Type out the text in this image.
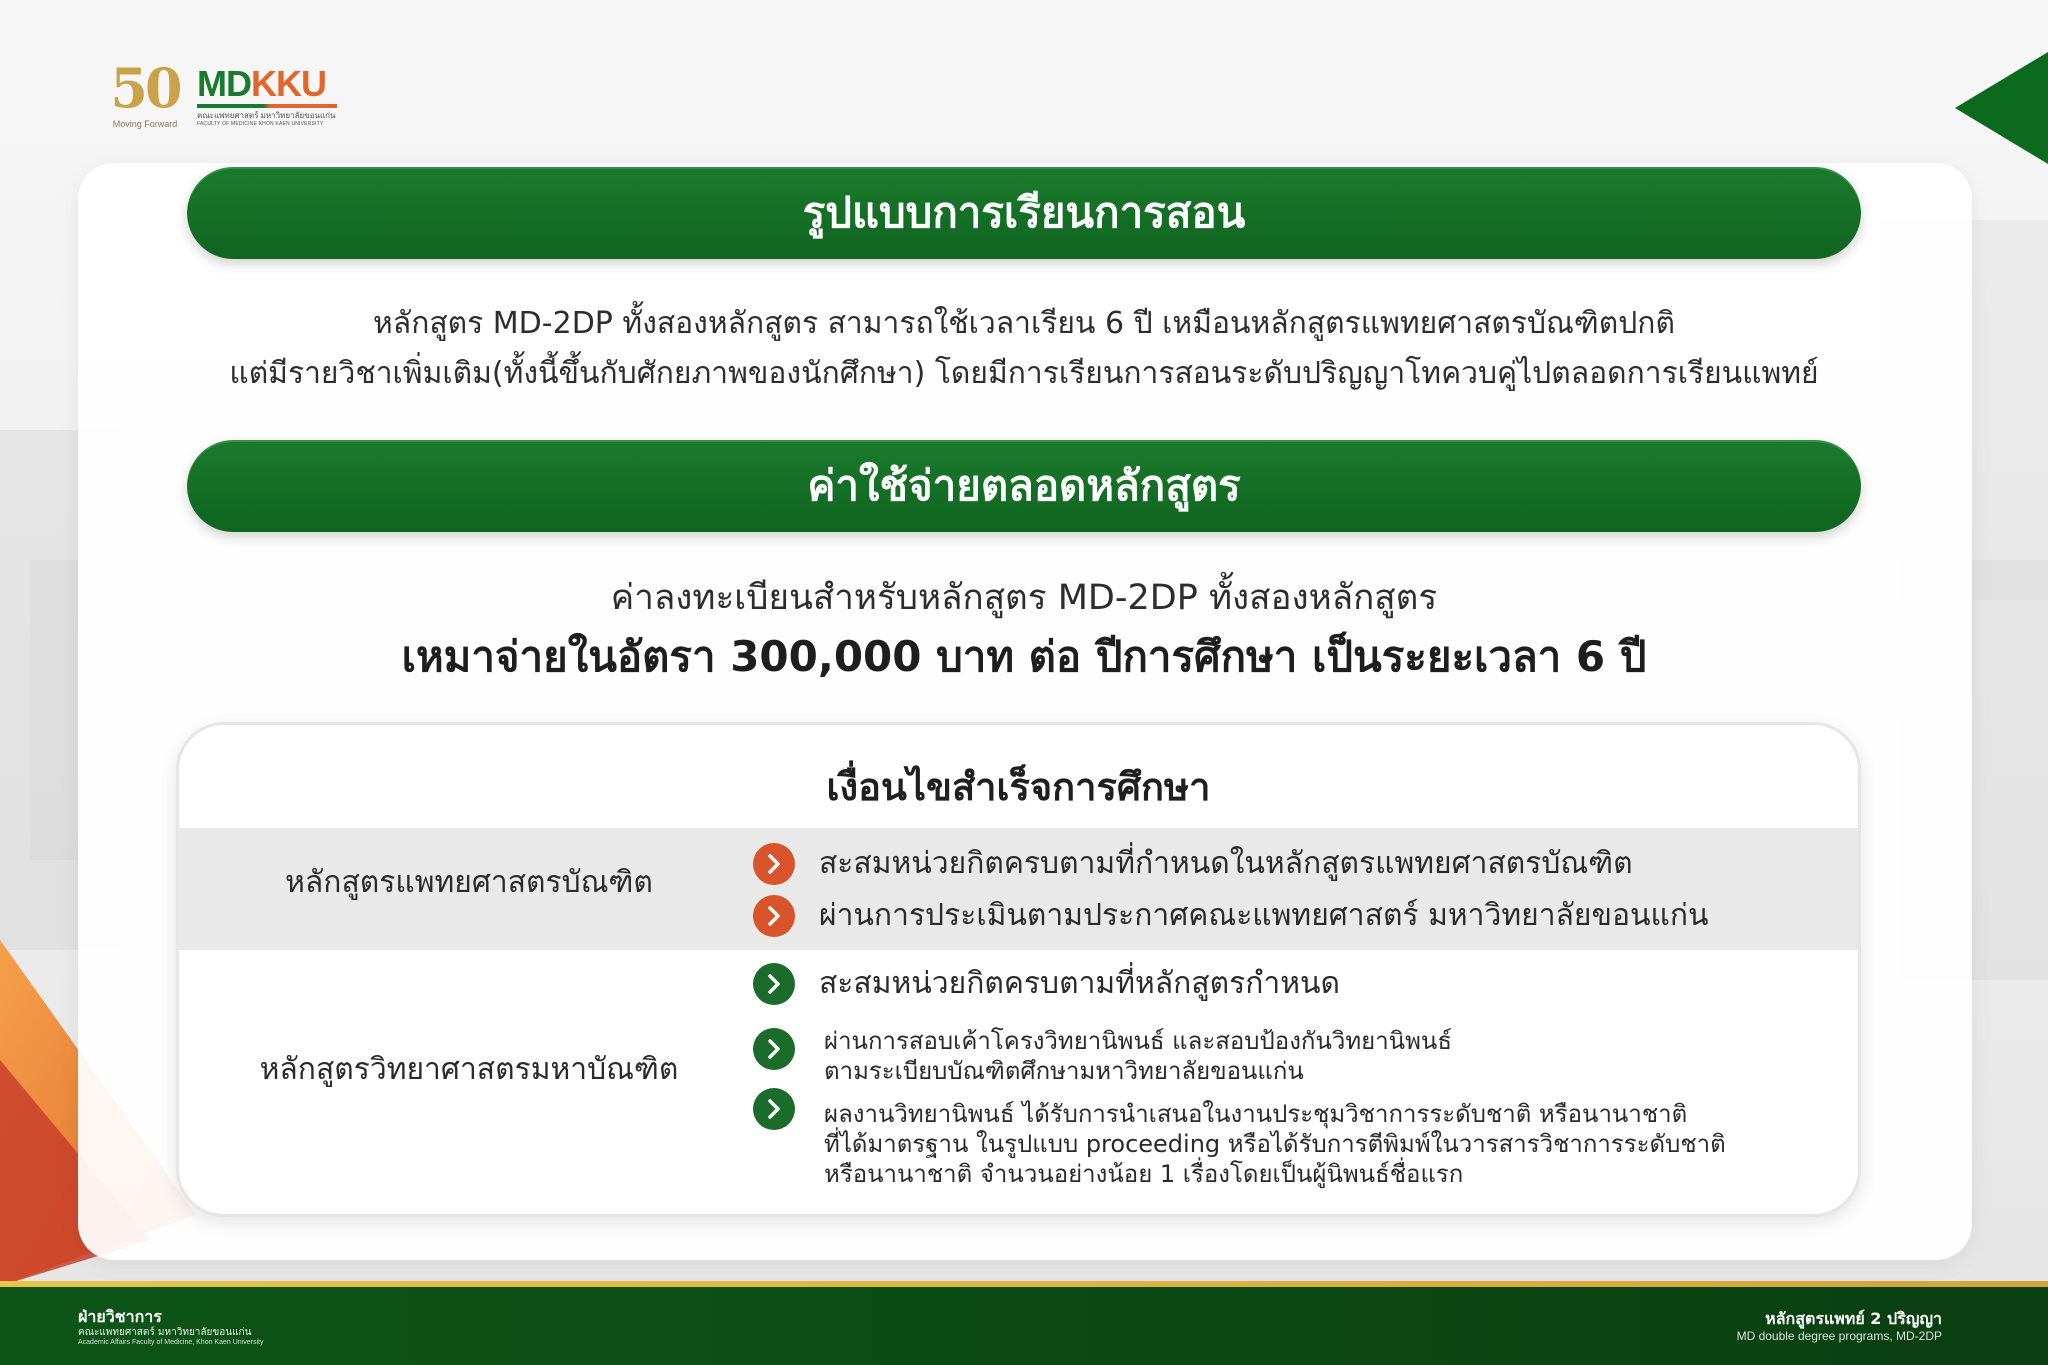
50
Moving Forward
MDKKU
คณะแพทยศาสตร์ มหาวิทยาลัยขอนแก่น
FACULTY OF MEDICINE KHON KAEN UNIVERSITY
รูปแบบการเรียนการสอน
หลักสูตร MD-2DP ทั้งสองหลักสูตร สามารถใช้เวลาเรียน 6 ปี เหมือนหลักสูตรแพทยศาสตรบัณฑิตปกติ
แต่มีรายวิชาเพิ่มเติม(ทั้งนี้ขึ้นกับศักยภาพของนักศึกษา) โดยมีการเรียนการสอนระดับปริญญาโทควบคู่ไปตลอดการเรียนแพทย์
ค่าใช้จ่ายตลอดหลักสูตร
ค่าลงทะเบียนสำหรับหลักสูตร MD-2DP ทั้งสองหลักสูตร
เหมาจ่ายในอัตรา 300,000 บาท ต่อ ปีการศึกษา เป็นระยะเวลา 6 ปี
เงื่อนไขสำเร็จการศึกษา
หลักสูตรแพทยศาสตรบัณฑิต
สะสมหน่วยกิตครบตามที่กำหนดในหลักสูตรแพทยศาสตรบัณฑิต
ผ่านการประเมินตามประกาศคณะแพทยศาสตร์ มหาวิทยาลัยขอนแก่น
หลักสูตรวิทยาศาสตรมหาบัณฑิต
สะสมหน่วยกิตครบตามที่หลักสูตรกำหนด
ผ่านการสอบเค้าโครงวิทยานิพนธ์ และสอบป้องกันวิทยานิพนธ์
ตามระเบียบบัณฑิตศึกษามหาวิทยาลัยขอนแก่น
ผลงานวิทยานิพนธ์ ได้รับการนำเสนอในงานประชุมวิชาการระดับชาติ หรือนานาชาติ
ที่ได้มาตรฐาน ในรูปแบบ proceeding หรือได้รับการตีพิมพ์ในวารสารวิชาการระดับชาติ
หรือนานาชาติ จำนวนอย่างน้อย 1 เรื่องโดยเป็นผู้นิพนธ์ชื่อแรก
ฝ่ายวิชาการ
คณะแพทยศาสตร์ มหาวิทยาลัยขอนแก่น
Academic Affairs Faculty of Medicine, Khon Kaen University
หลักสูตรแพทย์ 2 ปริญญา
MD double degree programs, MD-2DP
